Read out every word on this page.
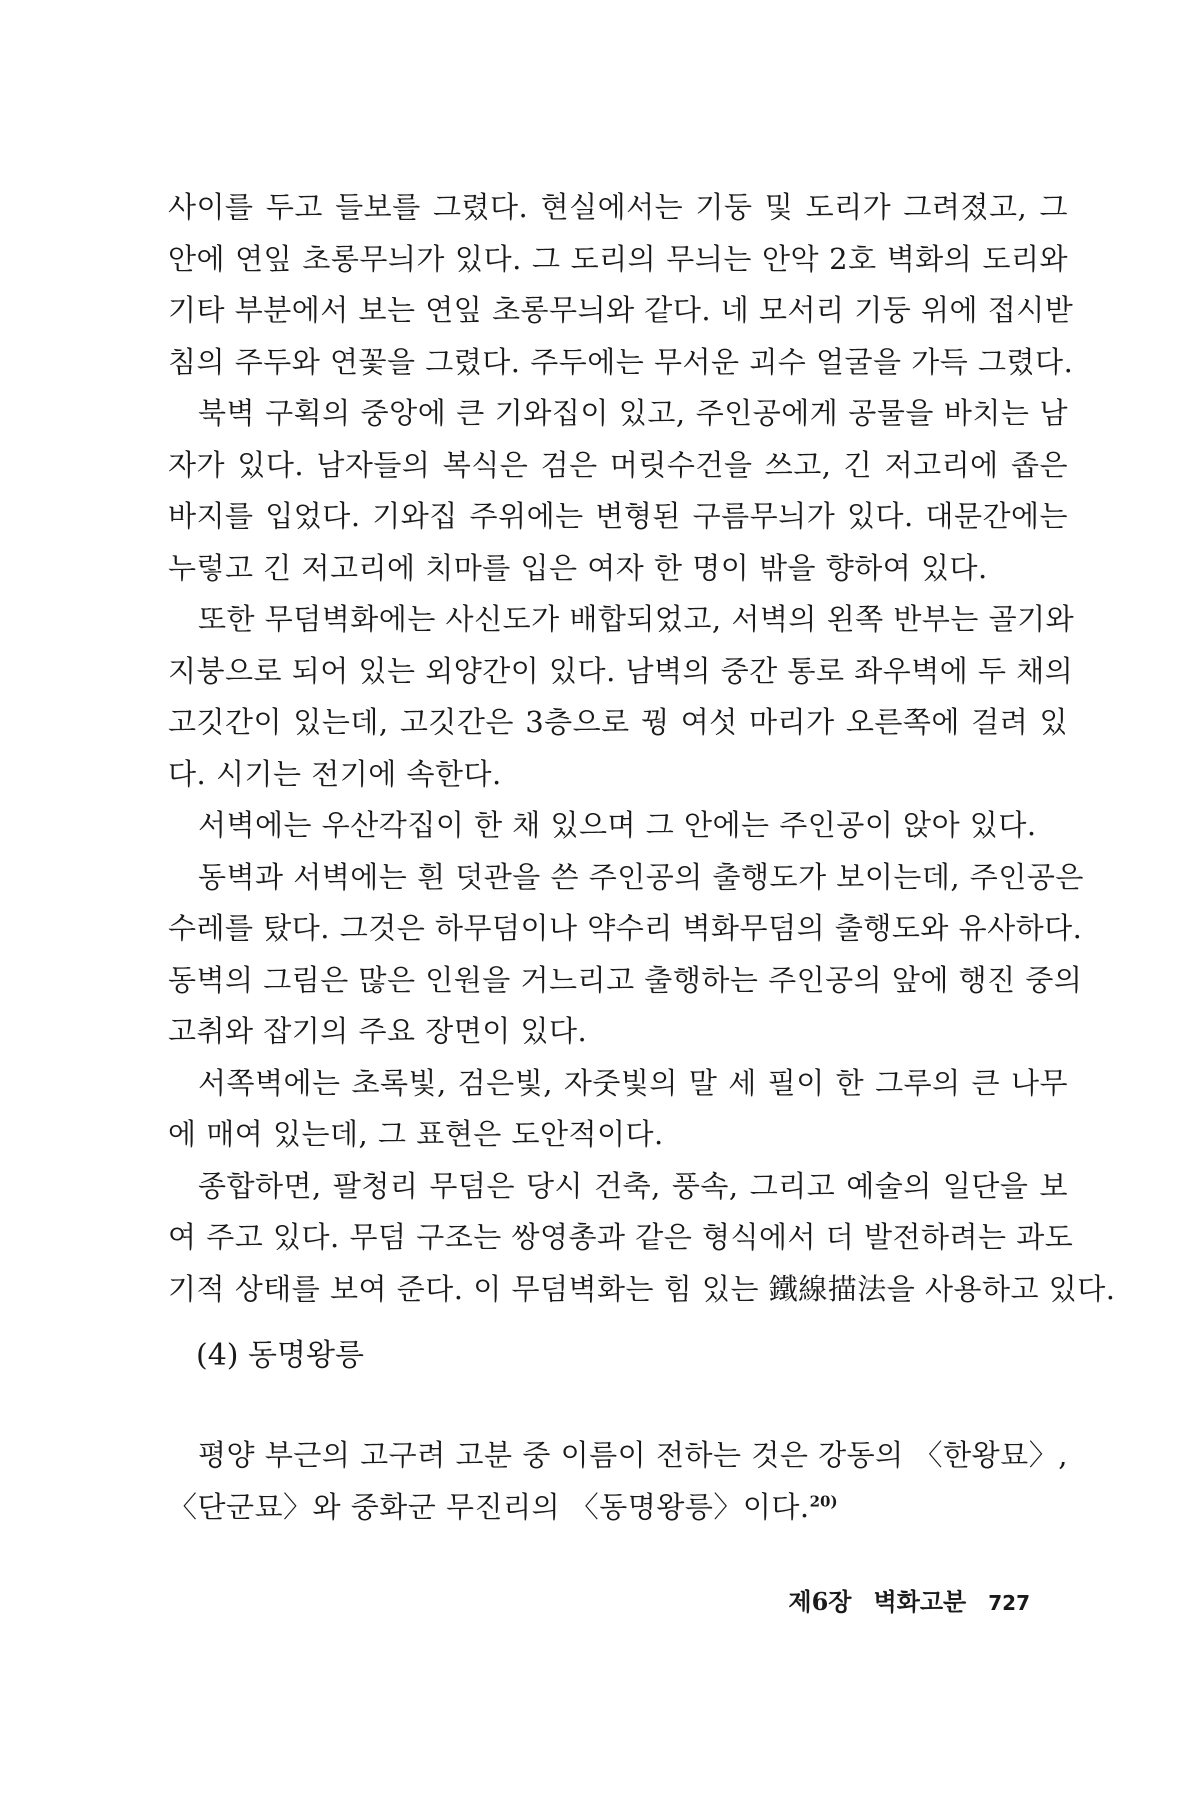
사이를 두고 들보를 그렸다. 현실에서는 기둥 및 도리가 그려졌고, 그
안에 연잎 초롱무늬가 있다. 그 도리의 무늬는 안악 2호 벽화의 도리와
기타 부분에서 보는 연잎 초롱무늬와 같다. 네 모서리 기둥 위에 접시받
침의 주두와 연꽃을 그렸다. 주두에는 무서운 괴수 얼굴을 가득 그렸다.
북벽 구획의 중앙에 큰 기와집이 있고, 주인공에게 공물을 바치는 남
자가 있다. 남자들의 복식은 검은 머릿수건을 쓰고, 긴 저고리에 좁은
바지를 입었다. 기와집 주위에는 변형된 구름무늬가 있다. 대문간에는
누렇고 긴 저고리에 치마를 입은 여자 한 명이 밖을 향하여 있다.
또한 무덤벽화에는 사신도가 배합되었고, 서벽의 왼쪽 반부는 골기와
지붕으로 되어 있는 외양간이 있다. 남벽의 중간 통로 좌우벽에 두 채의
고깃간이 있는데, 고깃간은 3층으로 꿩 여섯 마리가 오른쪽에 걸려 있
다. 시기는 전기에 속한다.
서벽에는 우산각집이 한 채 있으며 그 안에는 주인공이 앉아 있다.
동벽과 서벽에는 흰 덧관을 쓴 주인공의 출행도가 보이는데, 주인공은
수레를 탔다. 그것은 하무덤이나 약수리 벽화무덤의 출행도와 유사하다.
동벽의 그림은 많은 인원을 거느리고 출행하는 주인공의 앞에 행진 중의
고취와 잡기의 주요 장면이 있다.
서쪽벽에는 초록빛, 검은빛, 자줏빛의 말 세 필이 한 그루의 큰 나무
에 매여 있는데, 그 표현은 도안적이다.
종합하면, 팔청리 무덤은 당시 건축, 풍속, 그리고 예술의 일단을 보
여 주고 있다. 무덤 구조는 쌍영총과 같은 형식에서 더 발전하려는 과도
기적 상태를 보여 준다. 이 무덤벽화는 힘 있는 鐵線描法을 사용하고 있다.
(4) 동명왕릉
평양 부근의 고구려 고분 중 이름이 전하는 것은 강동의 〈한왕묘〉,
〈단군묘〉와 중화군 무진리의 〈동명왕릉〉이다.$^{20)}$
제6장 벽화고분 727
